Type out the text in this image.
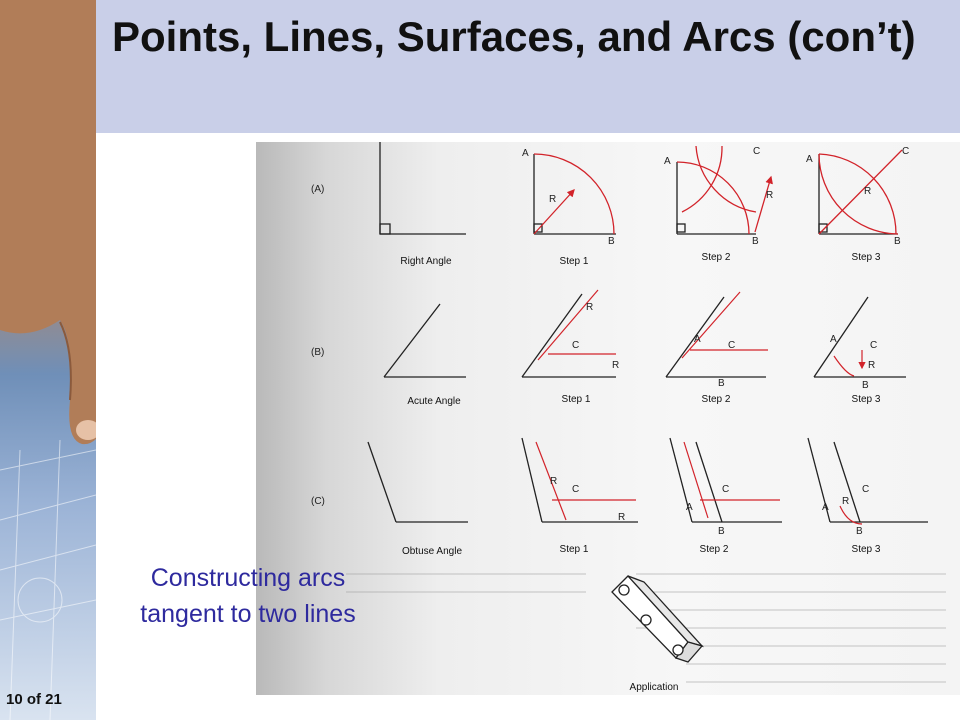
Points, Lines, Surfaces, and Arcs (con’t)
(A)
(B)
(C)
A
R
B
A
C
R
B
A
C
R
B
Right Angle	Step 1	Step 2	Step 3
R
C
R
A
C
B
A
C
R
B
Acute Angle	Step 1	Step 2	Step 3
R
C
R
A
C
B
A
R
C
B
Obtuse Angle	Step 1	Step 2	Step 3
Application
Constructing arcs tangent to two lines
10 of 21
